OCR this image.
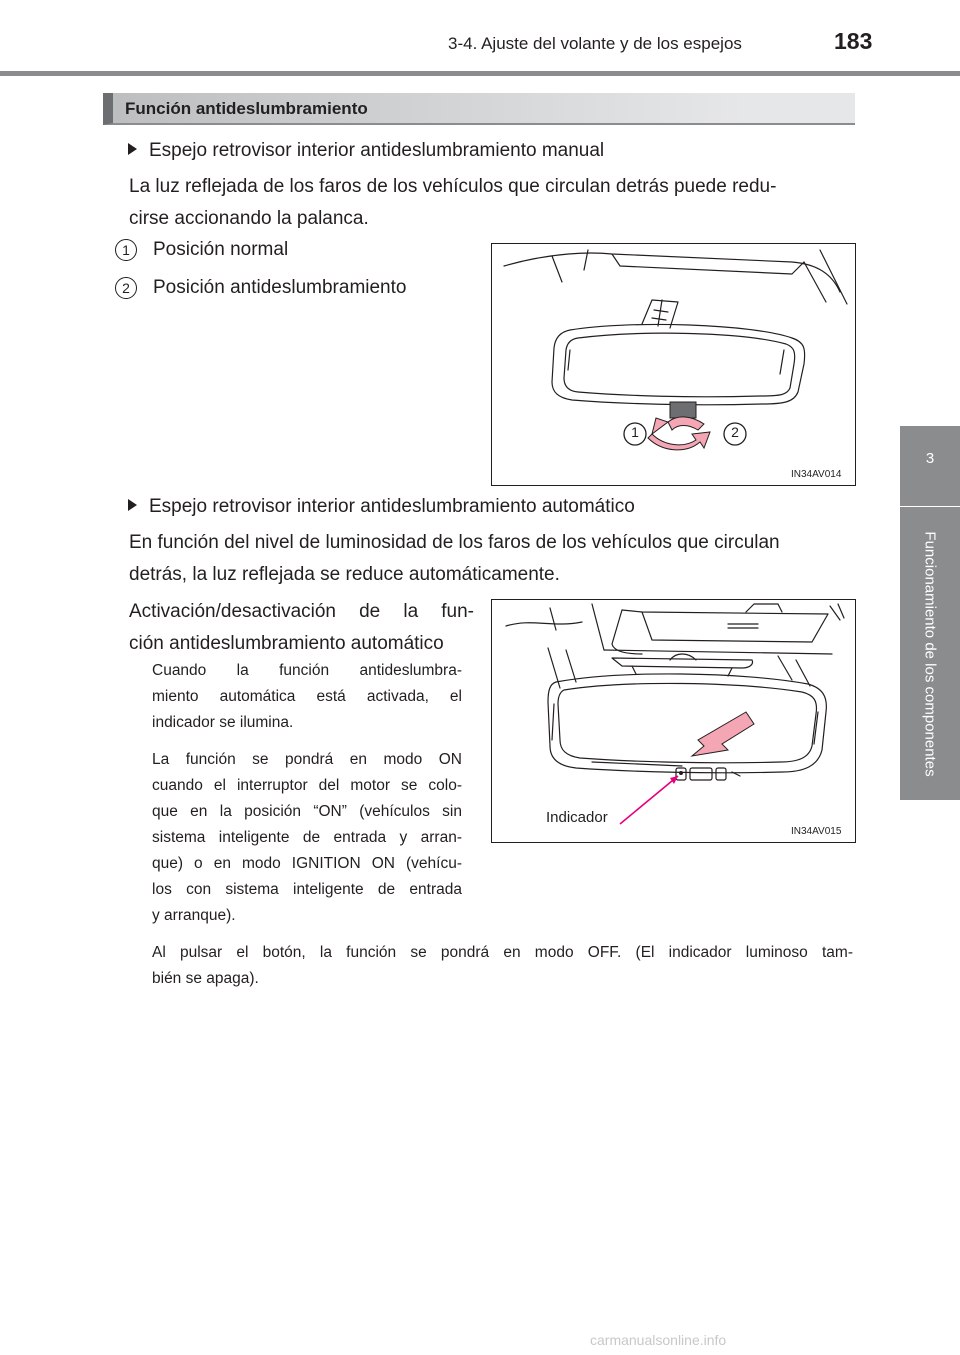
3-4. Ajuste del volante y de los espejos	183
3
Funcionamiento de los componentes
Función antideslumbramiento
Espejo retrovisor interior antideslumbramiento manual
La luz reflejada de los faros de los vehículos que circulan detrás puede redu-
cirse accionando la palanca.
1	Posición normal
2	Posición antideslumbramiento
1	2
IN34AV014
Espejo retrovisor interior antideslumbramiento automático
En función del nivel de luminosidad de los faros de los vehículos que circulan
detrás, la luz reflejada se reduce automáticamente.
Activación/desactivación de la fun-
ción antideslumbramiento automático
Cuando la función antideslumbra-
miento automática está activada, el
indicador se ilumina.
La función se pondrá en modo ON
cuando el interruptor del motor se colo-
que en la posición “ON” (vehículos sin
sistema inteligente de entrada y arran-
que) o en modo IGNITION ON (vehícu-
los con sistema inteligente de entrada
y arranque).
Al pulsar el botón, la función se pondrá en modo OFF. (El indicador luminoso tam-
bién se apaga).
Indicador
IN34AV015
carmanualsonline.info
